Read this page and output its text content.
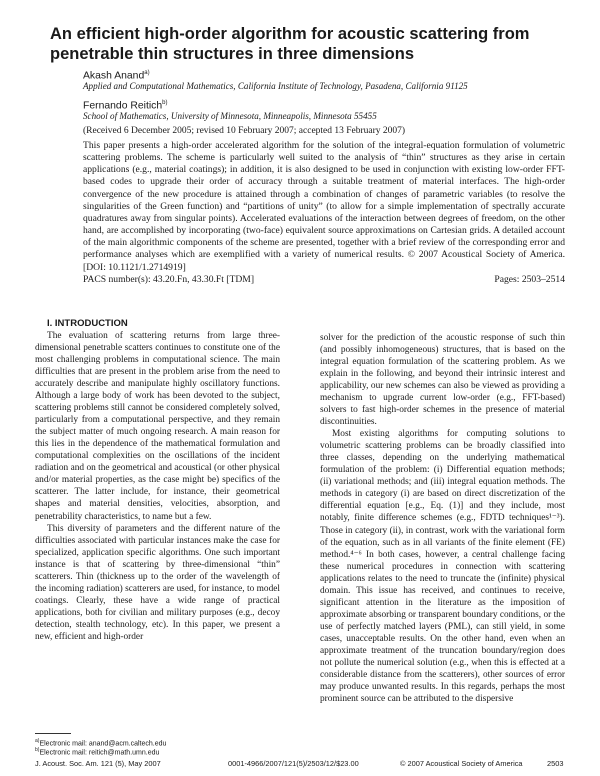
An efficient high-order algorithm for acoustic scattering from penetrable thin structures in three dimensions
Akash Anand$^{a)}$
Applied and Computational Mathematics, California Institute of Technology, Pasadena, California 91125
Fernando Reitich$^{b)}$
School of Mathematics, University of Minnesota, Minneapolis, Minnesota 55455
(Received 6 December 2005; revised 10 February 2007; accepted 13 February 2007)

This paper presents a high-order accelerated algorithm for the solution of the integral-equation formulation of volumetric scattering problems. The scheme is particularly well suited to the analysis of “thin” structures as they arise in certain applications (e.g., material coatings); in addition, it is also designed to be used in conjunction with existing low-order FFT-based codes to upgrade their order of accuracy through a suitable treatment of material interfaces. The high-order convergence of the new procedure is attained through a combination of changes of parametric variables (to resolve the singularities of the Green function) and “partitions of unity” (to allow for a simple implementation of spectrally accurate quadratures away from singular points). Accelerated evaluations of the interaction between degrees of freedom, on the other hand, are accomplished by incorporating (two-face) equivalent source approximations on Cartesian grids. A detailed account of the main algorithmic components of the scheme are presented, together with a brief review of the corresponding error and performance analyses which are exemplified with a variety of numerical results. © 2007 Acoustical Society of America. [DOI: 10.1121/1.2714919]

PACS number(s): 43.20.Fn, 43.30.Ft [TDM]	Pages: 2503–2514

I. INTRODUCTION

The evaluation of scattering returns from large three-dimensional penetrable scatters continues to constitute one of the most challenging problems in computational science. The main difficulties that are present in the problem arise from the need to accurately describe and manipulate highly oscillatory functions. Although a large body of work has been devoted to the subject, scattering problems still cannot be considered completely solved, particularly from a computational perspective, and they remain the subject matter of much ongoing research. A main reason for this lies in the dependence of the mathematical formulation and computational complexities on the oscillations of the incident radiation and on the geometrical and acoustical (or other physical and/or material properties, as the case might be) specifics of the scatterer. The latter include, for instance, their geometrical shapes and material densities, velocities, absorption, and penetrability characteristics, to name but a few.

This diversity of parameters and the different nature of the difficulties associated with particular instances make the case for specialized, application specific algorithms. One such important instance is that of scattering by three-dimensional “thin” scatterers. Thin (thickness up to the order of the wavelength of the incoming radiation) scatterers are used, for instance, to model coatings. Clearly, these have a wide range of practical applications, both for civilian and military purposes (e.g., decoy detection, stealth technology, etc). In this paper, we present a new, efficient and high-order

solver for the prediction of the acoustic response of such thin (and possibly inhomogeneous) structures, that is based on the integral equation formulation of the scattering problem. As we explain in the following, and beyond their intrinsic interest and applicability, our new schemes can also be viewed as providing a mechanism to upgrade current low-order (e.g., FFT-based) solvers to fast high-order schemes in the presence of material discontinuities.

Most existing algorithms for computing solutions to volumetric scattering problems can be broadly classified into three classes, depending on the underlying mathematical formulation of the problem: (i) Differential equation methods; (ii) variational methods; and (iii) integral equation methods. The methods in category (i) are based on direct discretization of the differential equation [e.g., Eq. (1)] and they include, most notably, finite difference schemes (e.g., FDTD techniques¹⁻³). Those in category (ii), in contrast, work with the variational form of the equation, such as in all variants of the finite element (FE) method.⁴⁻⁶ In both cases, however, a central challenge facing these numerical procedures in connection with scattering applications relates to the need to truncate the (infinite) physical domain. This issue has received, and continues to receive, significant attention in the literature as the imposition of approximate absorbing or transparent boundary conditions, or the use of perfectly matched layers (PML), can still yield, in some cases, unacceptable results. On the other hand, even when an approximate treatment of the truncation boundary/region does not pollute the numerical solution (e.g., when this is effected at a considerable distance from the scatterers), other sources of error may produce unwanted results. In this regards, perhaps the most prominent source can be attributed to the dispersive

$^{a)}$Electronic mail: anand@acm.caltech.edu
$^{b)}$Electronic mail: reitich@math.umn.edu
J. Acoust. Soc. Am. 121 (5), May 2007	0001-4966/2007/121(5)/2503/12/$23.00	© 2007 Acoustical Society of America	2503
